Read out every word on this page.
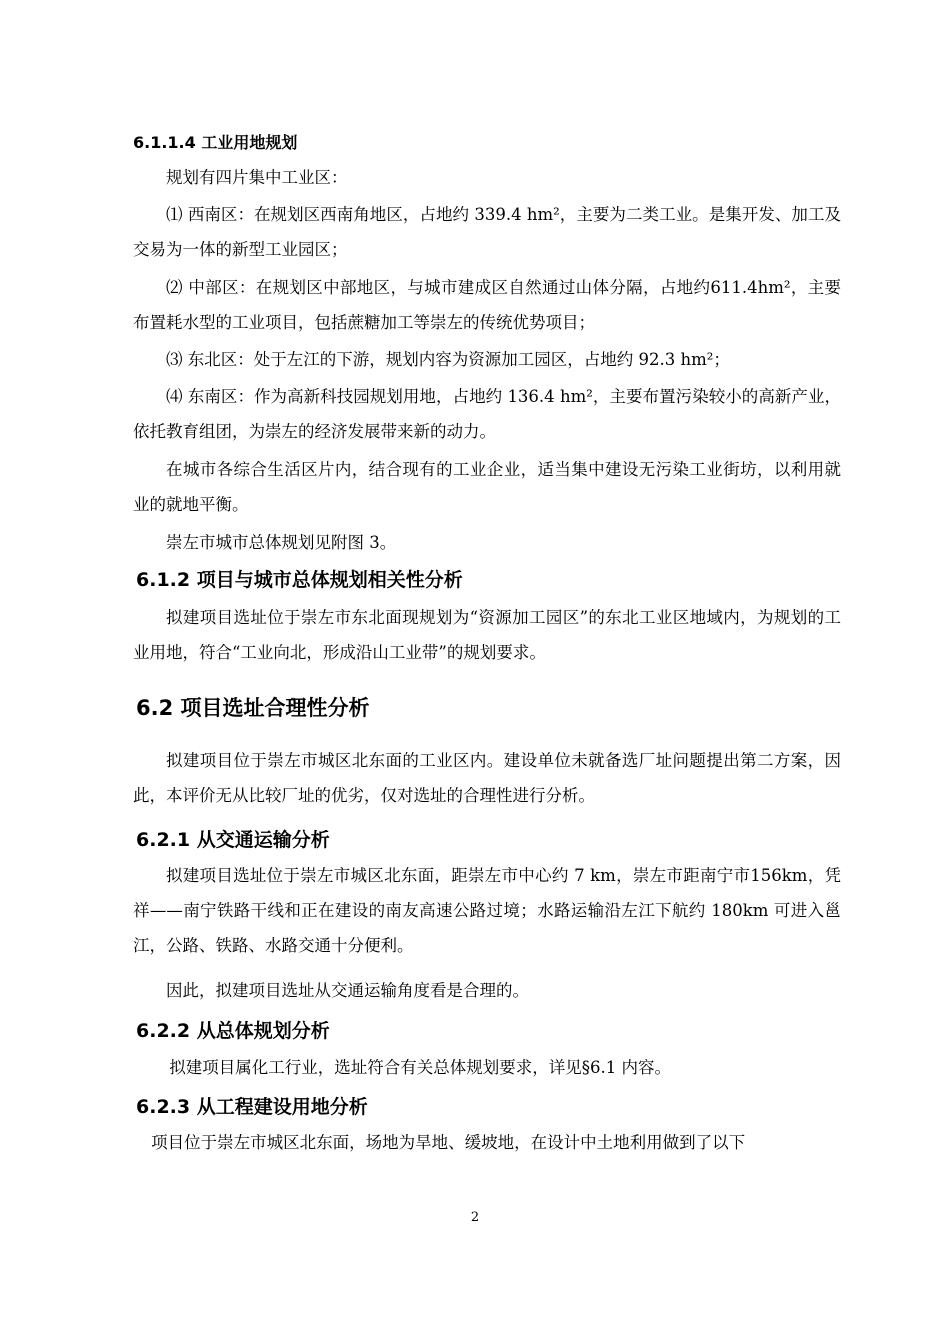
6.1.1.4 工业用地规划
规划有四片集中工业区：
⑴ 西南区：在规划区西南角地区，占地约 339.4 hm²，主要为二类工业。是集开发、加工及交易为一体的新型工业园区；
⑵ 中部区：在规划区中部地区，与城市建成区自然通过山体分隔，占地约611.4hm²，主要布置耗水型的工业项目，包括蔗糖加工等崇左的传统优势项目；
⑶ 东北区：处于左江的下游，规划内容为资源加工园区，占地约 92.3 hm²；
⑷ 东南区：作为高新科技园规划用地，占地约 136.4 hm²，主要布置污染较小的高新产业，依托教育组团，为崇左的经济发展带来新的动力。
在城市各综合生活区片内，结合现有的工业企业，适当集中建设无污染工业街坊，以利用就业的就地平衡。
崇左市城市总体规划见附图 3。
6.1.2 项目与城市总体规划相关性分析
拟建项目选址位于崇左市东北面现规划为“资源加工园区”的东北工业区地域内，为规划的工业用地，符合“工业向北，形成沿山工业带”的规划要求。
6.2 项目选址合理性分析
拟建项目位于崇左市城区北东面的工业区内。建设单位未就备选厂址问题提出第二方案，因此，本评价无从比较厂址的优劣，仅对选址的合理性进行分析。
6.2.1 从交通运输分析
拟建项目选址位于崇左市城区北东面，距崇左市中心约 7 km，崇左市距南宁市156km，凭祥——南宁铁路干线和正在建设的南友高速公路过境；水路运输沿左江下航约 180km 可进入邕江，公路、铁路、水路交通十分便利。
因此，拟建项目选址从交通运输角度看是合理的。
6.2.2 从总体规划分析
拟建项目属化工行业，选址符合有关总体规划要求，详见§6.1 内容。
6.2.3 从工程建设用地分析
项目位于崇左市城区北东面，场地为旱地、缓坡地，在设计中土地利用做到了以下
2
